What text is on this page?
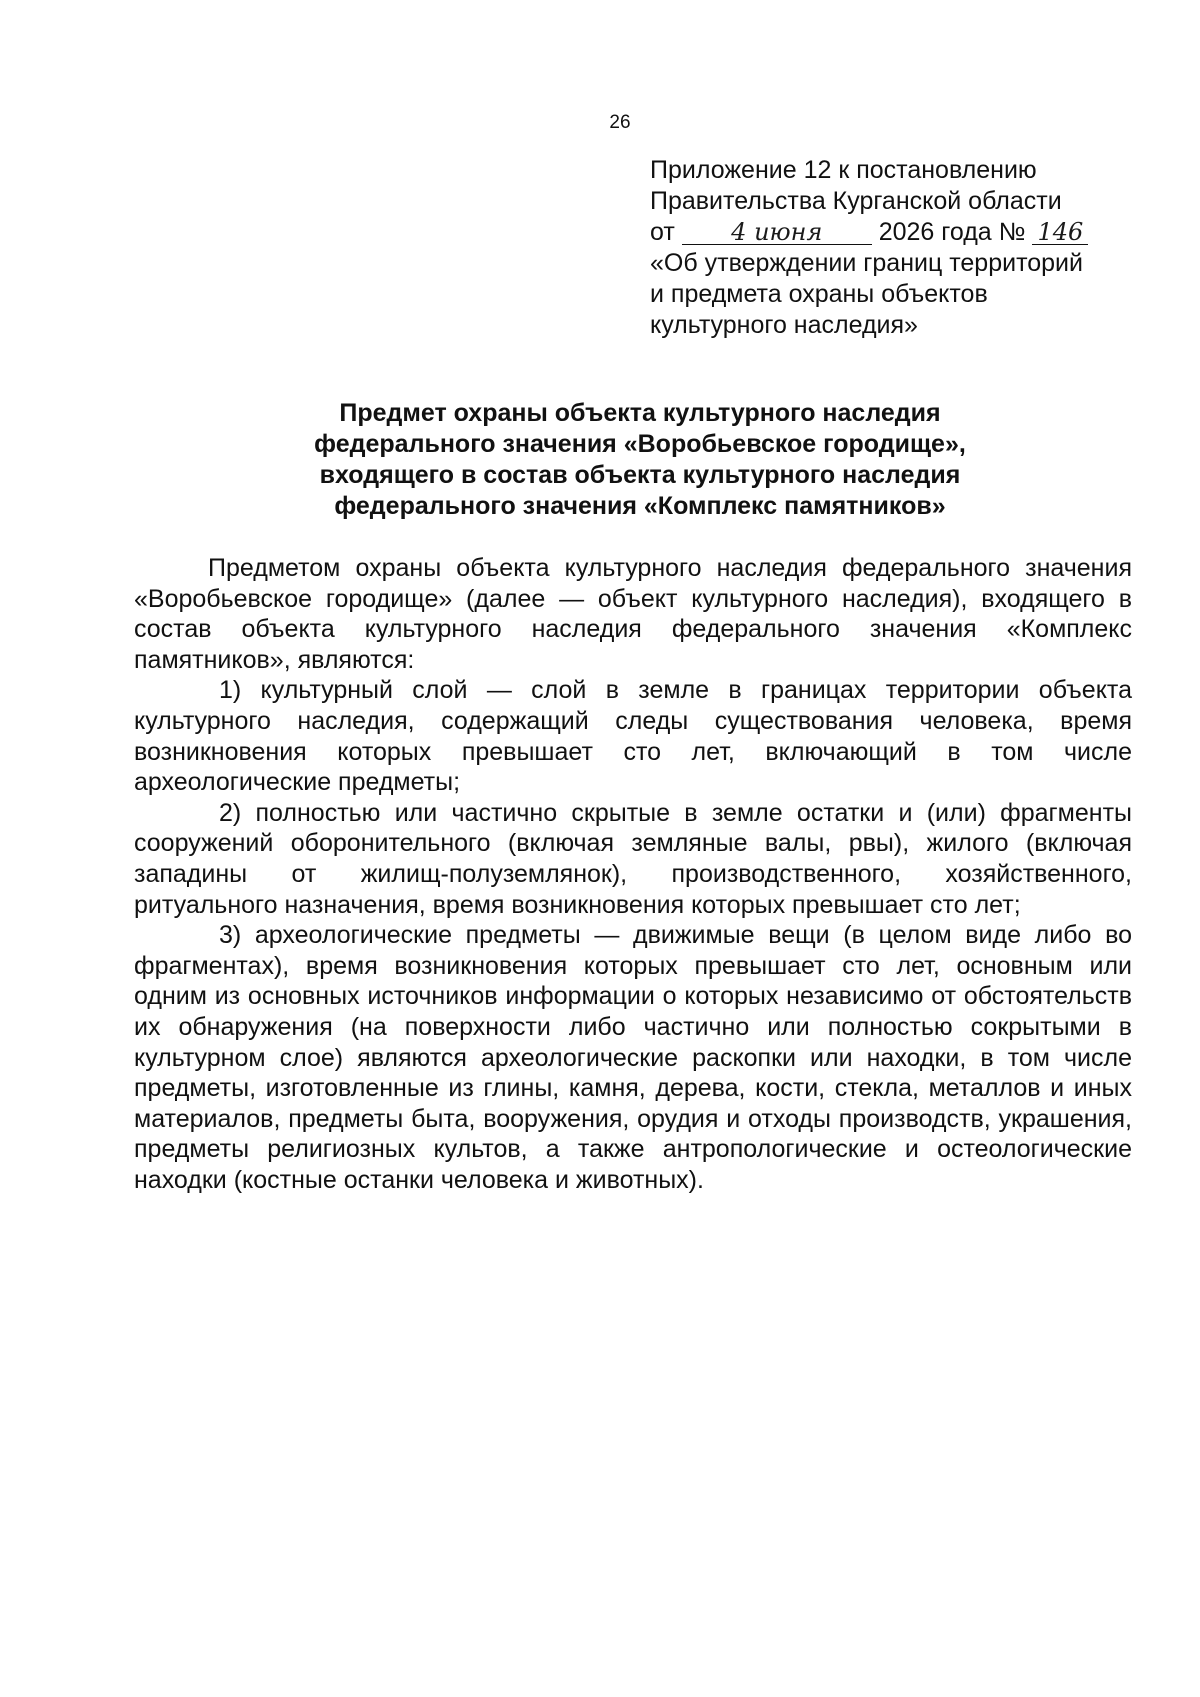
26
Приложение 12 к постановлению
Правительства Курганской области
от 4 июня 2026 года № 146
«Об утверждении границ территорий
и предмета охраны объектов
культурного наследия»
Предмет охраны объекта культурного наследия
федерального значения «Воробьевское городище»,
входящего в состав объекта культурного наследия
федерального значения «Комплекс памятников»

Предметом охраны объекта культурного наследия федерального значения «Воробьевское городище» (далее — объект культурного наследия), входящего в состав объекта культурного наследия федерального значения «Комплекс памятников», являются:

1) культурный слой — слой в земле в границах территории объекта культурного наследия, содержащий следы существования человека, время возникновения которых превышает сто лет, включающий в том числе археологические предметы;

2) полностью или частично скрытые в земле остатки и (или) фрагменты сооружений оборонительного (включая земляные валы, рвы), жилого (включая западины от жилищ-полуземлянок), производственного, хозяйственного, ритуального назначения, время возникновения которых превышает сто лет;

3) археологические предметы — движимые вещи (в целом виде либо во фрагментах), время возникновения которых превышает сто лет, основным или одним из основных источников информации о которых независимо от обстоятельств их обнаружения (на поверхности либо частично или полностью сокрытыми в культурном слое) являются археологические раскопки или находки, в том числе предметы, изготовленные из глины, камня, дерева, кости, стекла, металлов и иных материалов, предметы быта, вооружения, орудия и отходы производств, украшения, предметы религиозных культов, а также антропологические и остеологические находки (костные останки человека и животных).
